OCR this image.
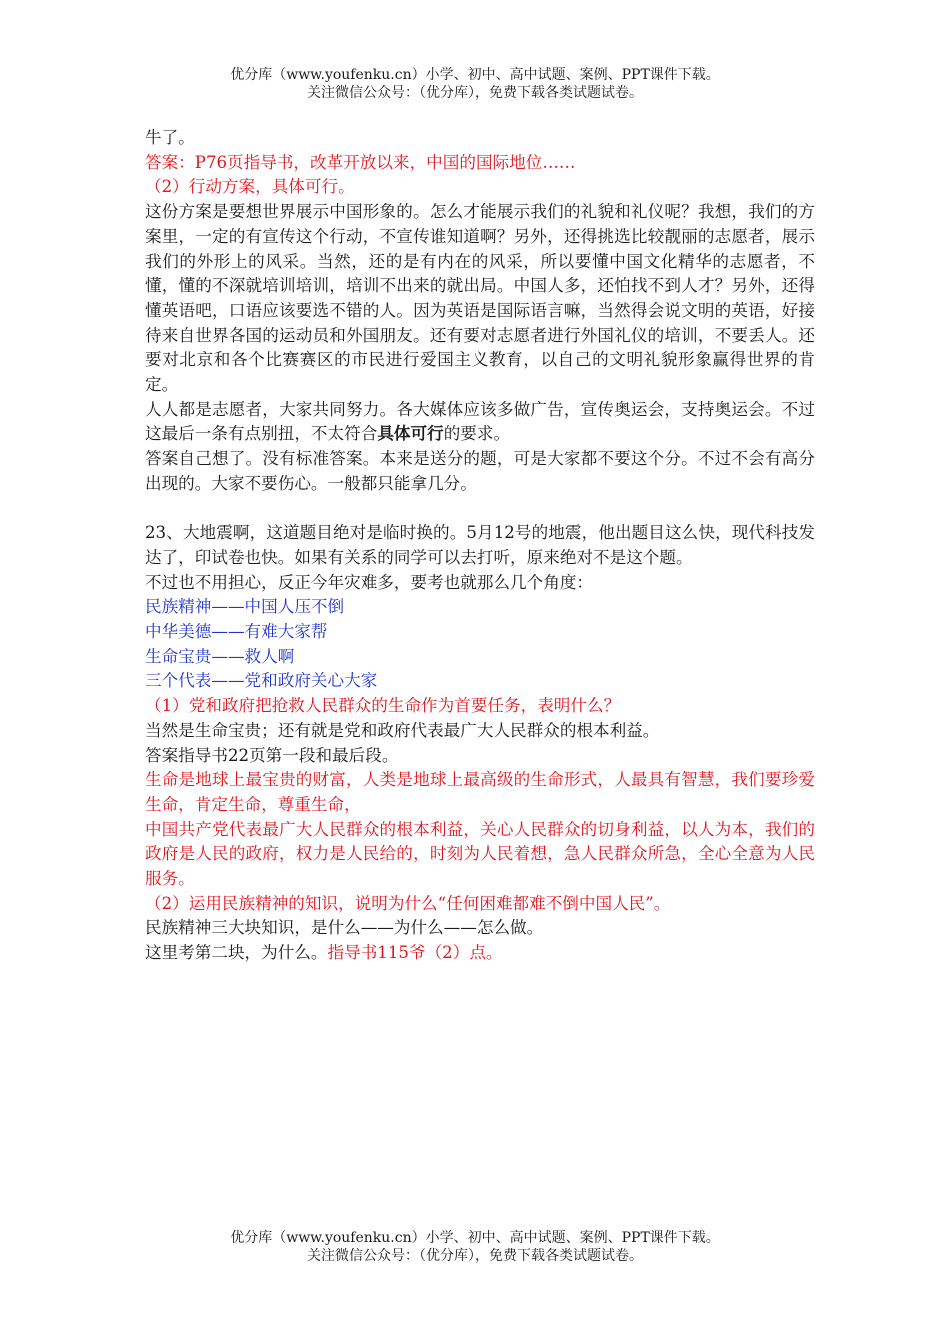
优分库（www.youfenku.cn）小学、初中、高中试题、案例、PPT课件下载。
关注微信公众号：（优分库），免费下载各类试题试卷。

牛了。

答案：P76页指导书，改革开放以来，中国的国际地位……

（2）行动方案，具体可行。

这份方案是要想世界展示中国形象的。怎么才能展示我们的礼貌和礼仪呢？我想，我们的方案里，一定的有宣传这个行动，不宣传谁知道啊？另外，还得挑选比较靓丽的志愿者，展示我们的外形上的风采。当然，还的是有内在的风采，所以要懂中国文化精华的志愿者，不懂，懂的不深就培训培训，培训不出来的就出局。中国人多，还怕找不到人才？另外，还得懂英语吧，口语应该要选不错的人。因为英语是国际语言嘛，当然得会说文明的英语，好接待来自世界各国的运动员和外国朋友。还有要对志愿者进行外国礼仪的培训，不要丢人。还要对北京和各个比赛赛区的市民进行爱国主义教育，以自己的文明礼貌形象赢得世界的肯定。

人人都是志愿者，大家共同努力。各大媒体应该多做广告，宣传奥运会，支持奥运会。不过这最后一条有点别扭，不太符合具体可行的要求。

答案自己想了。没有标准答案。本来是送分的题，可是大家都不要这个分。不过不会有高分出现的。大家不要伤心。一般都只能拿几分。

23、大地震啊，这道题目绝对是临时换的。5月12号的地震，他出题目这么快，现代科技发达了，印试卷也快。如果有关系的同学可以去打听，原来绝对不是这个题。

不过也不用担心，反正今年灾难多，要考也就那么几个角度：

民族精神——中国人压不倒

中华美德——有难大家帮

生命宝贵——救人啊

三个代表——党和政府关心大家

（1）党和政府把抢救人民群众的生命作为首要任务，表明什么？

当然是生命宝贵；还有就是党和政府代表最广大人民群众的根本利益。

答案指导书22页第一段和最后段。

生命是地球上最宝贵的财富，人类是地球上最高级的生命形式，人最具有智慧，我们要珍爱生命，肯定生命，尊重生命，

中国共产党代表最广大人民群众的根本利益，关心人民群众的切身利益，以人为本，我们的政府是人民的政府，权力是人民给的，时刻为人民着想，急人民群众所急，全心全意为人民服务。

（2）运用民族精神的知识，说明为什么“任何困难都难不倒中国人民”。

民族精神三大块知识，是什么——为什么——怎么做。

这里考第二块，为什么。指导书115爷（2）点。

优分库（www.youfenku.cn）小学、初中、高中试题、案例、PPT课件下载。
关注微信公众号：（优分库），免费下载各类试题试卷。
